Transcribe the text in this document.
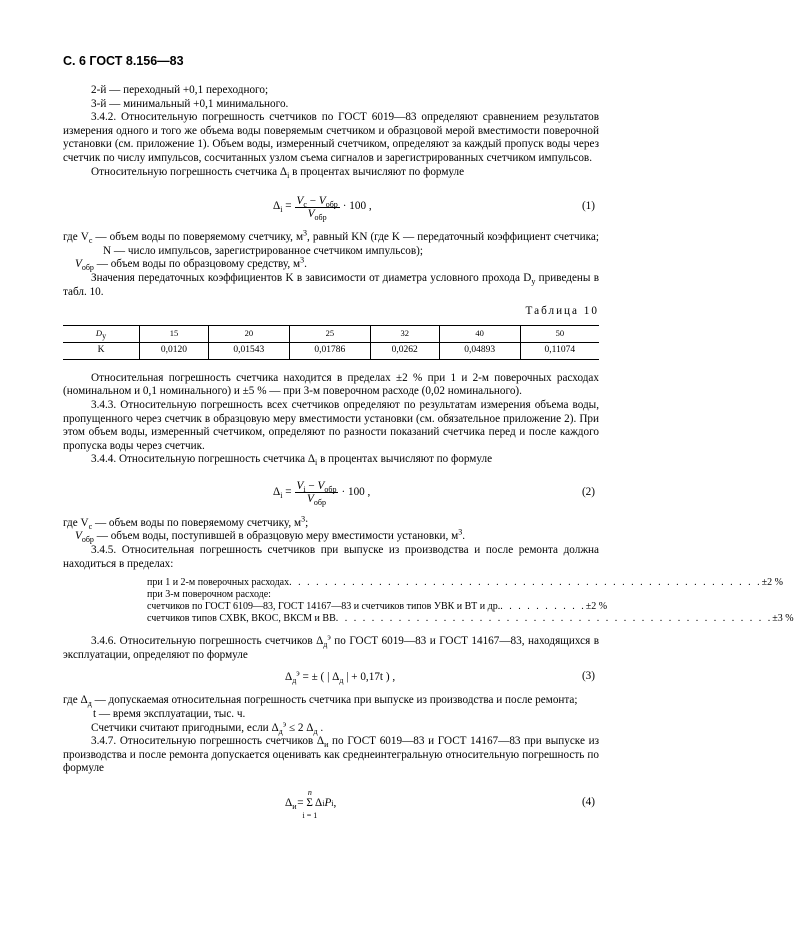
С. 6 ГОСТ 8.156—83

2-й — переходный +0,1 переходного;

3-й — минимальный +0,1 минимального.

3.4.2. Относительную погрешность счетчиков по ГОСТ 6019—83 определяют сравнением результатов измерения одного и того же объема воды поверяемым счетчиком и образцовой мерой вместимости поверочной установки (см. приложение 1). Объем воды, измеренный счетчиком, определяют за каждый пропуск воды через счетчик по числу импульсов, сосчитанных узлом съема сигналов и зарегистрированных счетчиком импульсов.

Относительную погрешность счетчика $\Delta_i$ в процентах вычисляют по формуле

$\Delta_i = \frac{V_с - V_{обр}}{V_{обр}} \cdot 100$ ,	(1)

где $V_с$ — объем воды по поверяемому счетчику, $м^3$, равный KN (где K — передаточный коэффициент счетчика; N — число импульсов, зарегистрированное счетчиком импульсов);

$V_{обр}$ — объем воды по образцовому средству, $м^3$.

Значения передаточных коэффициентов K в зависимости от диаметра условного прохода $D_у$ приведены в табл. 10.

Таблица 10
$D_у$	15	20	25	32	40	50
K	0,0120	0,01543	0,01786	0,0262	0,04893	0,11074

Относительная погрешность счетчика находится в пределах ±2 % при 1 и 2-м поверочных расходах (номинальном и 0,1 номинального) и ±5 % — при 3-м поверочном расходе (0,02 номинального).

3.4.3. Относительную погрешность всех счетчиков определяют по результатам измерения объема воды, пропущенного через счетчик в образцовую меру вместимости установки (см. обязательное приложение 2). При этом объем воды, измеренный счетчиком, определяют по разности показаний счетчика перед и после каждого пропуска воды через счетчик.

3.4.4. Относительную погрешность счетчика $\Delta_i$ в процентах вычисляют по формуле

$\Delta_i = \frac{V_i - V_{обр}}{V_{обр}} \cdot 100$ ,	(2)

где $V_с$ — объем воды по поверяемому счетчику, $м^3$;

$V_{обр}$ — объем воды, поступившей в образцовую меру вместимости установки, $м^3$.

3.4.5. Относительная погрешность счетчиков при выпуске из производства и после ремонта должна находиться в пределах:

при 1 и 2-м поверочных расходах . . . . . . . . . . . . . . . . . . . . . . . . . . . . . . . . . . . . . . . . . . . . . . . . . . . . . ±2 %
при 3-м поверочном расходе:
счетчиков по ГОСТ 6109—83, ГОСТ 14167—83 и счетчиков типов УВК и ВТ и др. . . . . . . . . . . ±2 %
счетчиков типов СХВК, ВКОС, ВКСМ и ВВ . . . . . . . . . . . . . . . . . . . . . . . . . . . . . . . . . . . . . . . . . . . . . . . . . ±3 %

3.4.6. Относительную погрешность счетчиков $\Delta_д^э$ по ГОСТ 6019—83 и ГОСТ 14167—83, находящихся в эксплуатации, определяют по формуле

$\Delta_д^э$ = ± ( | $\Delta_д$ | + 0,17t ) ,	(3)

где $\Delta_д$ — допускаемая относительная погрешность счетчика при выпуске из производства и после ремонта;

t — время эксплуатации, тыс. ч.

Счетчики считают пригодными, если $\Delta_д^э \le 2$ $\Delta_д$ .

3.4.7. Относительную погрешность счетчиков $\Delta_и$ по ГОСТ 6019—83 и ГОСТ 14167—83 при выпуске из производства и после ремонта допускается оценивать как среднеинтегральную относительную погрешность по формуле

$\Delta_и$
n

i = 1
= Σ Δ i P i ,	(4)
